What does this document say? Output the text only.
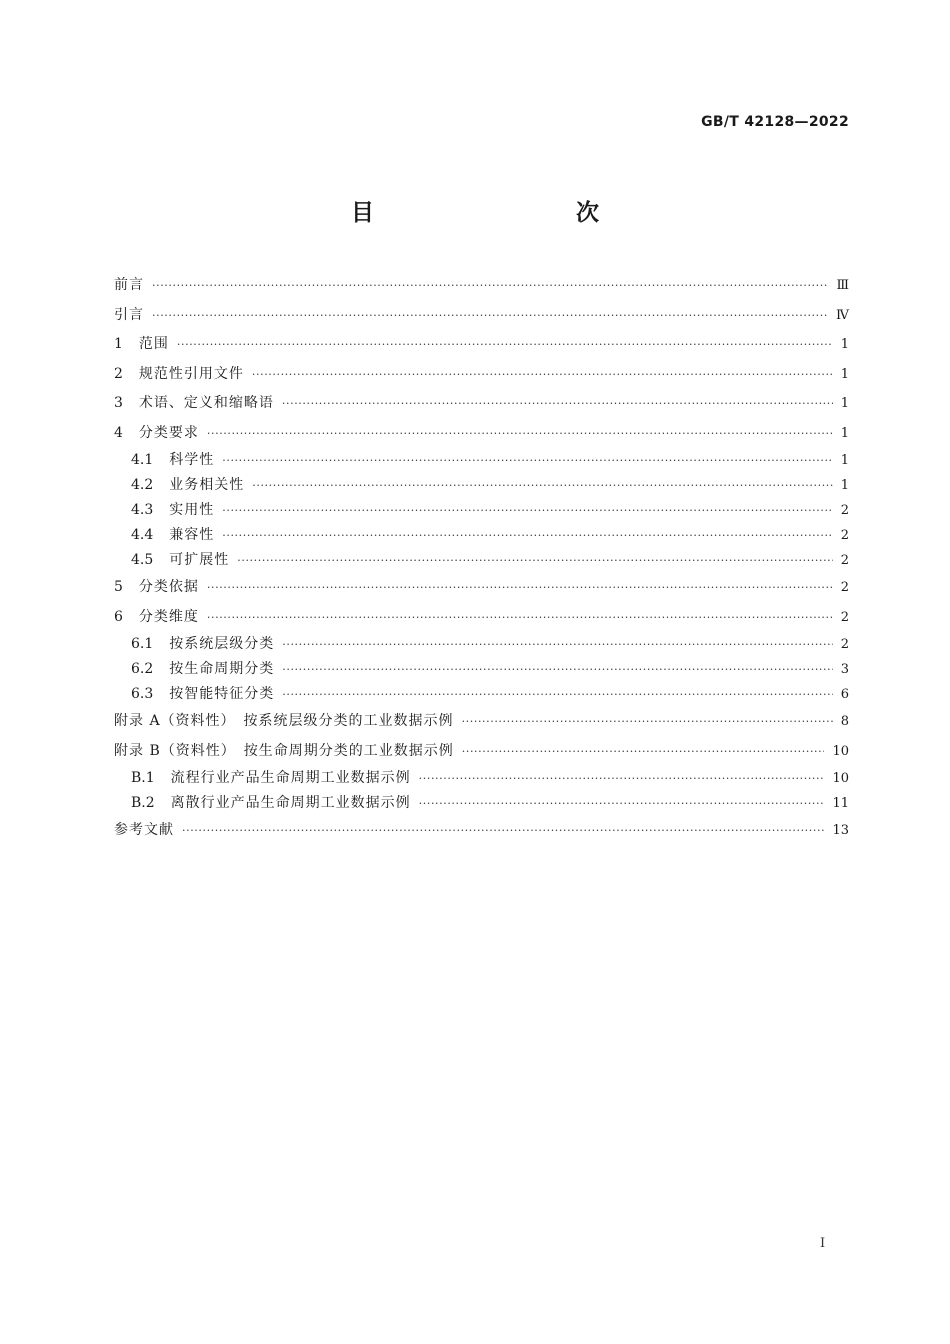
GB/T 42128—2022
目　　次
前言 ·····	Ⅲ
引言 ·····	Ⅳ
1 范围 ·····	1
2 规范性引用文件 ·····	1
3 术语、定义和缩略语 ·····	1
4 分类要求 ·····	1
4.1 科学性 ·····	1
4.2 业务相关性 ·····	1
4.3 实用性 ·····	2
4.4 兼容性 ·····	2
4.5 可扩展性 ·····	2
5 分类依据 ·····	2
6 分类维度 ·····	2
6.1 按系统层级分类 ·····	2
6.2 按生命周期分类 ·····	3
6.3 按智能特征分类 ·····	6
附录 A（资料性）　按系统层级分类的工业数据示例 ·····	8
附录 B（资料性）　按生命周期分类的工业数据示例 ·····	10
B.1 流程行业产品生命周期工业数据示例 ·····	10
B.2 离散行业产品生命周期工业数据示例 ·····	11
参考文献 ·····	13
I
